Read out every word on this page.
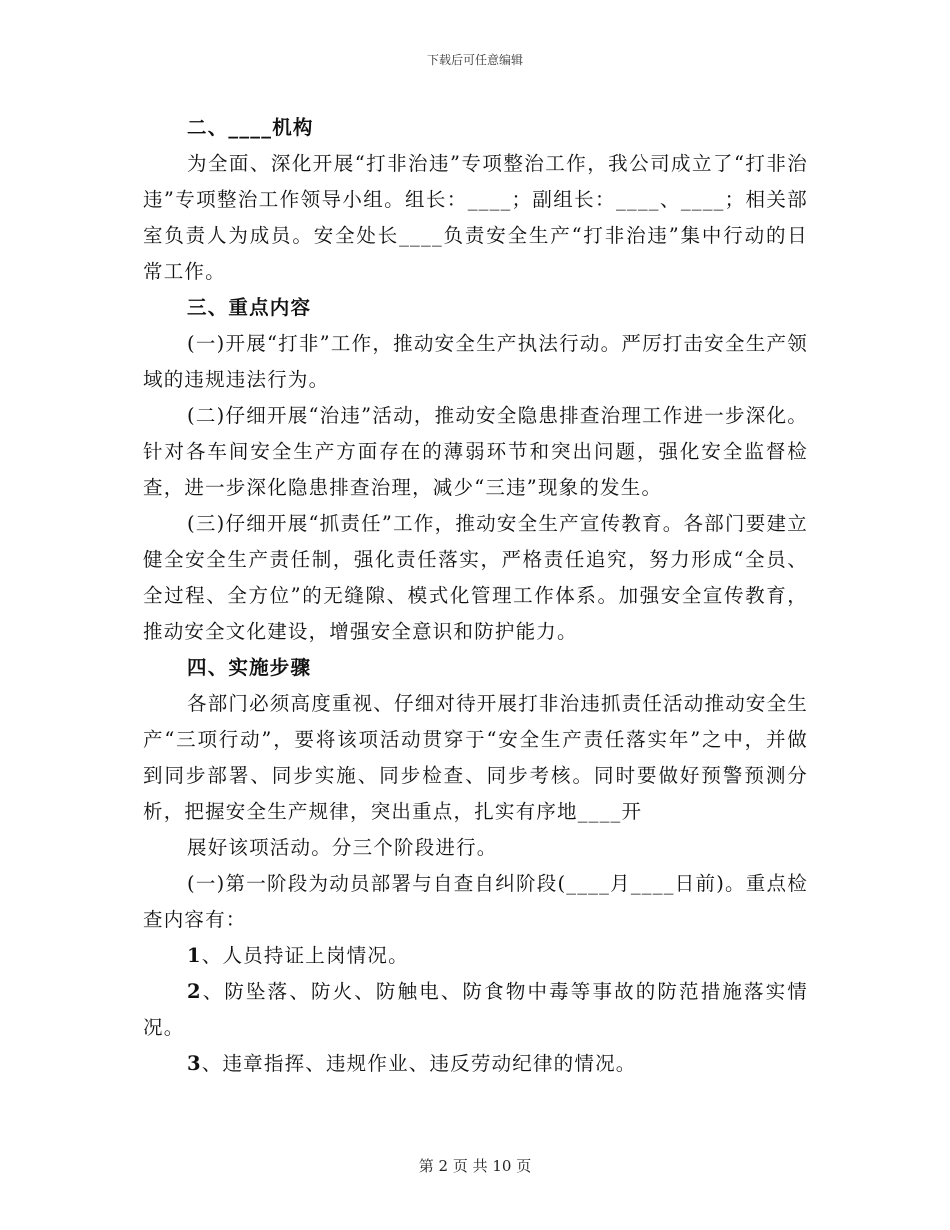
下载后可任意编辑

二、____机构

为全面、深化开展“打非治违”专项整治工作，我公司成立了“打非治违”专项整治工作领导小组。组长：____；副组长：____、____；相关部室负责人为成员。安全处长____负责安全生产“打非治违”集中行动的日常工作。

三、重点内容

(一)开展“打非”工作，推动安全生产执法行动。严厉打击安全生产领域的违规违法行为。

(二)仔细开展“治违”活动，推动安全隐患排查治理工作进一步深化。针对各车间安全生产方面存在的薄弱环节和突出问题，强化安全监督检查，进一步深化隐患排查治理，减少“三违”现象的发生。

(三)仔细开展“抓责任”工作，推动安全生产宣传教育。各部门要建立健全安全生产责任制，强化责任落实，严格责任追究，努力形成“全员、全过程、全方位”的无缝隙、模式化管理工作体系。加强安全宣传教育，推动安全文化建设，增强安全意识和防护能力。

四、实施步骤

各部门必须高度重视、仔细对待开展打非治违抓责任活动推动安全生产“三项行动”，要将该项活动贯穿于“安全生产责任落实年”之中，并做到同步部署、同步实施、同步检查、同步考核。同时要做好预警预测分析，把握安全生产规律，突出重点，扎实有序地____开

展好该项活动。分三个阶段进行。

(一)第一阶段为动员部署与自查自纠阶段(____月____日前)。重点检查内容有：

1、人员持证上岗情况。

2、防坠落、防火、防触电、防食物中毒等事故的防范措施落实情况。

3、违章指挥、违规作业、违反劳动纪律的情况。

第 2 页 共 10 页
